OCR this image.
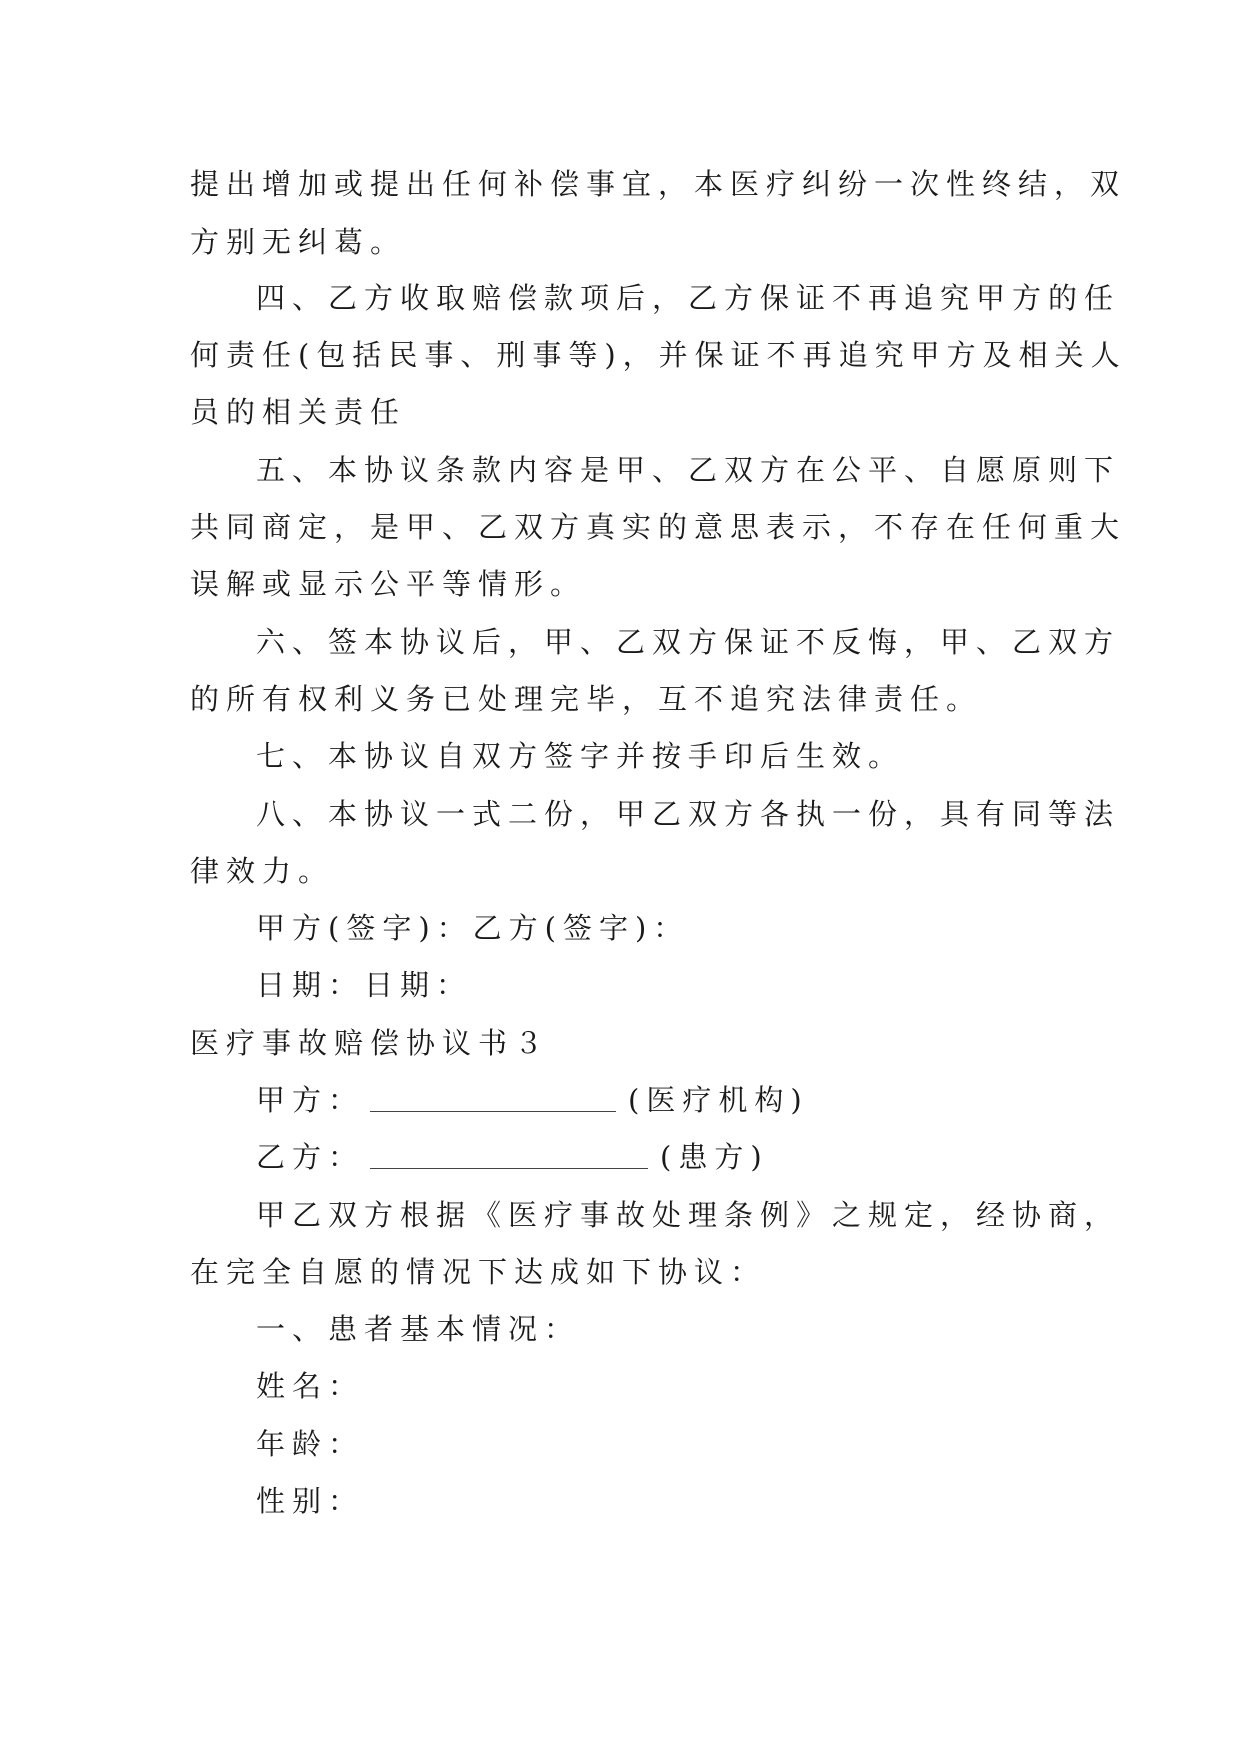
提出增加或提出任何补偿事宜，本医疗纠纷一次性终结，双

方别无纠葛。

四、乙方收取赔偿款项后，乙方保证不再追究甲方的任

何责任(包括民事、刑事等)，并保证不再追究甲方及相关人

员的相关责任

五、本协议条款内容是甲、乙双方在公平、自愿原则下

共同商定，是甲、乙双方真实的意思表示，不存在任何重大

误解或显示公平等情形。

六、签本协议后，甲、乙双方保证不反悔，甲、乙双方

的所有权利义务已处理完毕，互不追究法律责任。

七、本协议自双方签字并按手印后生效。

八、本协议一式二份，甲乙双方各执一份，具有同等法

律效力。

甲方(签字)：乙方(签字)：

日期：日期：

医疗事故赔偿协议书３

甲方：	(医疗机构)

乙方：	(患方)

甲乙双方根据《医疗事故处理条例》之规定，经协商，

在完全自愿的情况下达成如下协议：

一、患者基本情况：

姓名：

年龄：

性别：
